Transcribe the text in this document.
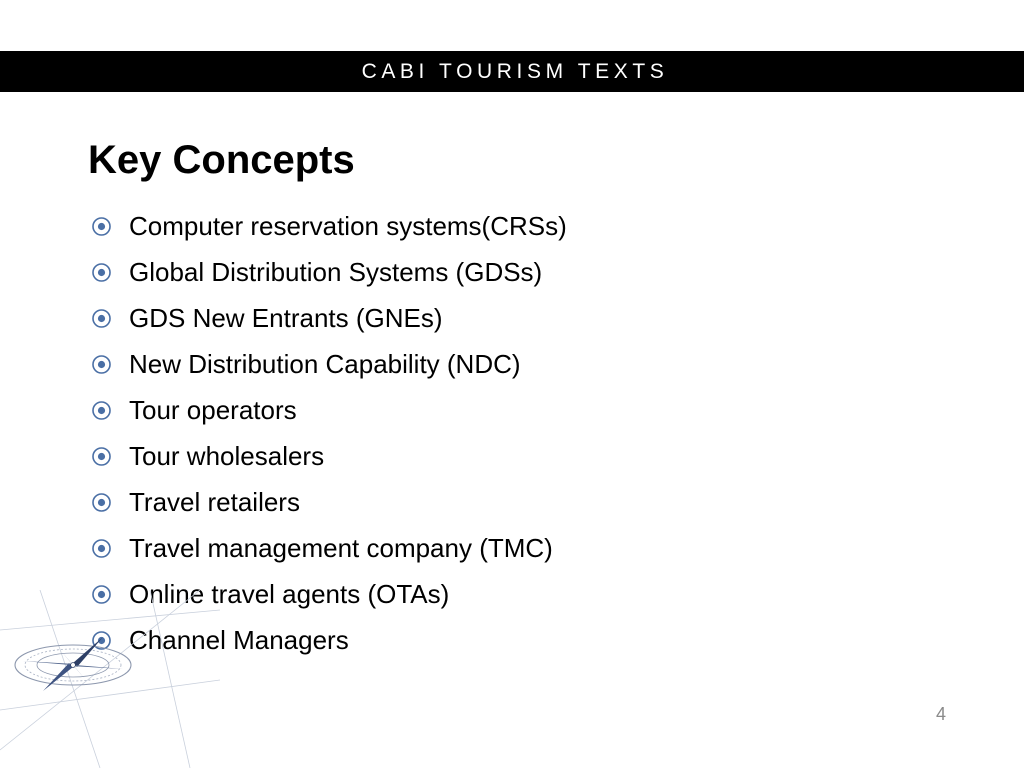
CABI TOURISM TEXTS
Key Concepts
Computer reservation systems(CRSs)
Global Distribution Systems (GDSs)
GDS New Entrants (GNEs)
New Distribution Capability (NDC)
Tour operators
Tour wholesalers
Travel retailers
Travel management company (TMC)
Online travel agents (OTAs)
Channel Managers
4
